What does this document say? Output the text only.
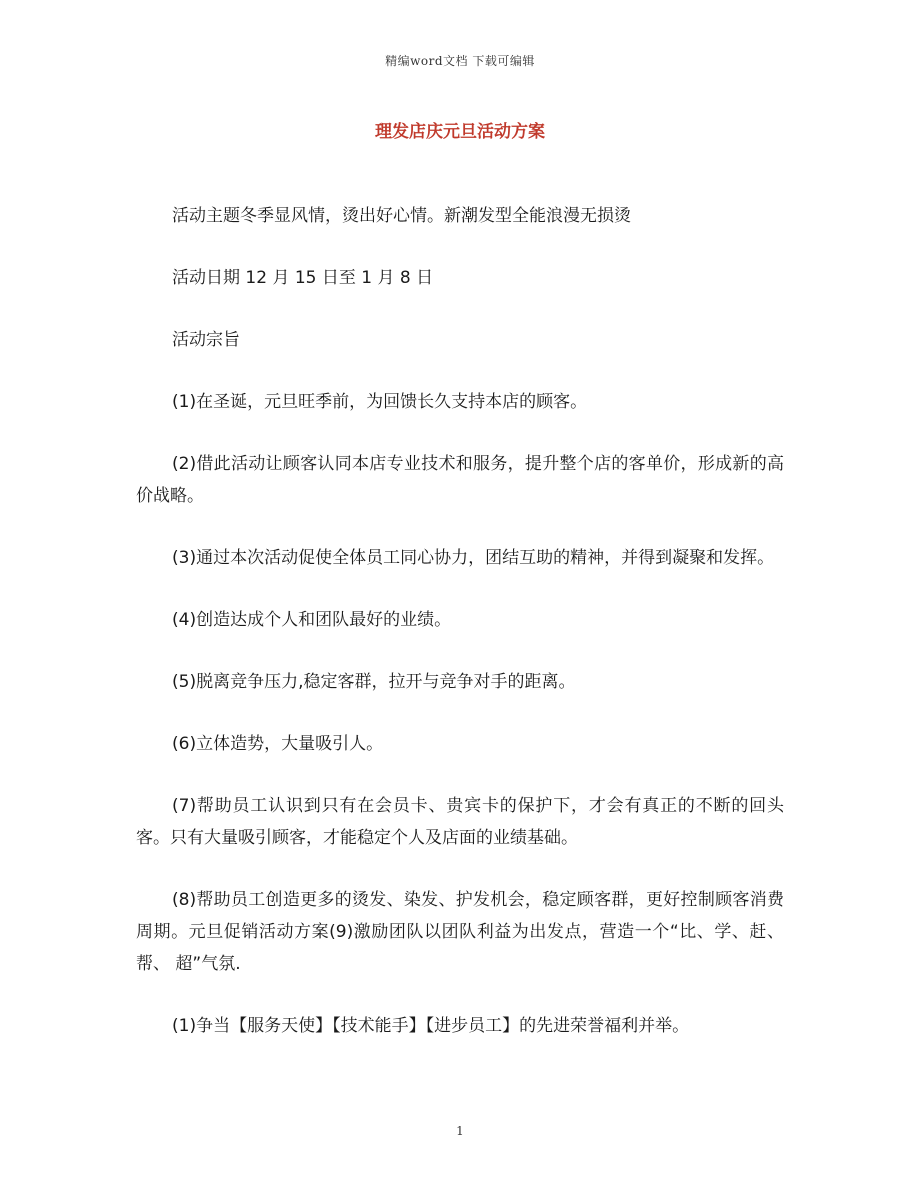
精编word文档 下载可编辑
理发店庆元旦活动方案

活动主题冬季显风情，烫出好心情。新潮发型全能浪漫无损烫

活动日期 12 月 15 日至 1 月 8 日

活动宗旨

(1)在圣诞，元旦旺季前，为回馈长久支持本店的顾客。

(2)借此活动让顾客认同本店专业技术和服务，提升整个店的客单价，形成新的高价战略。

(3)通过本次活动促使全体员工同心协力，团结互助的精神，并得到凝聚和发挥。

(4)创造达成个人和团队最好的业绩。

(5)脱离竞争压力,稳定客群，拉开与竞争对手的距离。

(6)立体造势，大量吸引人。

(7)帮助员工认识到只有在会员卡、贵宾卡的保护下，才会有真正的不断的回头客。只有大量吸引顾客，才能稳定个人及店面的业绩基础。

(8)帮助员工创造更多的烫发、染发、护发机会，稳定顾客群，更好控制顾客消费周期。元旦促销活动方案(9)激励团队以团队利益为出发点，营造一个“比、学、赶、帮、 超”气氛.

(1)争当【服务天使】【技术能手】【进步员工】的先进荣誉福利并举。

1
